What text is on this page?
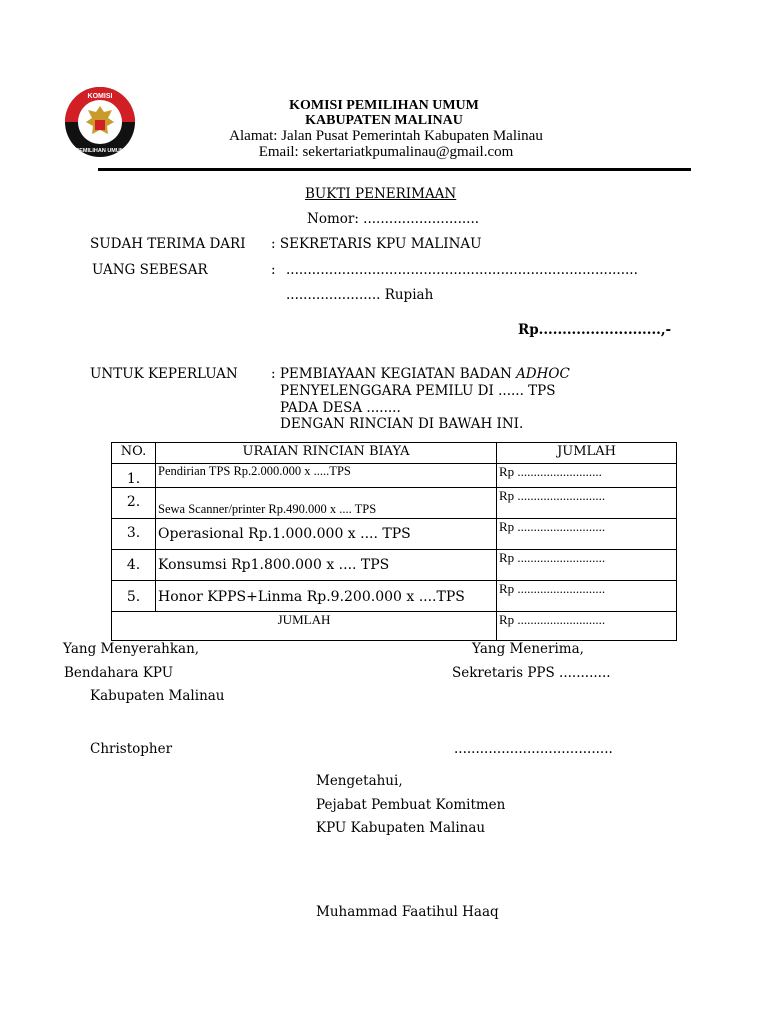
KOMISI
PEMILIHAN UMUM
KOMISI PEMILIHAN UMUM
KABUPATEN MALINAU
Alamat: Jalan Pusat Pemerintah Kabupaten Malinau
Email: sekertariatkpumalinau@gmail.com
BUKTI PENERIMAAN
Nomor: ...........................
SUDAH TERIMA DARI : SEKRETARIS KPU MALINAU
UANG SEBESAR	: ..................................................................................
...................... Rupiah
Rp..........................,-
UNTUK KEPERLUAN : PEMBIAYAAN KEGIATAN BADAN ADHOC
PENYELENGGARA PEMILU DI ...... TPS
PADA DESA ........
DENGAN RINCIAN DI BAWAH INI.
NO.	URAIAN RINCIAN BIAYA	JUMLAH
1.	Pendirian TPS Rp.2.000.000 x .....TPS	Rp ..........................
2.	Sewa Scanner/printer Rp.490.000 x .... TPS	Rp ...........................
3.	Operasional Rp.1.000.000 x .... TPS	Rp ...........................
4.	Konsumsi Rp1.800.000 x .... TPS	Rp ...........................
5.	Honor KPPS+Linma Rp.9.200.000 x ....TPS	Rp ...........................
JUMLAH		Rp ...........................
Yang Menyerahkan,
Bendahara KPU
Kabupaten Malinau
Christopher
Yang Menerima,
Sekretaris PPS ............
.....................................
Mengetahui,
Pejabat Pembuat Komitmen
KPU Kabupaten Malinau
Muhammad Faatihul Haaq
